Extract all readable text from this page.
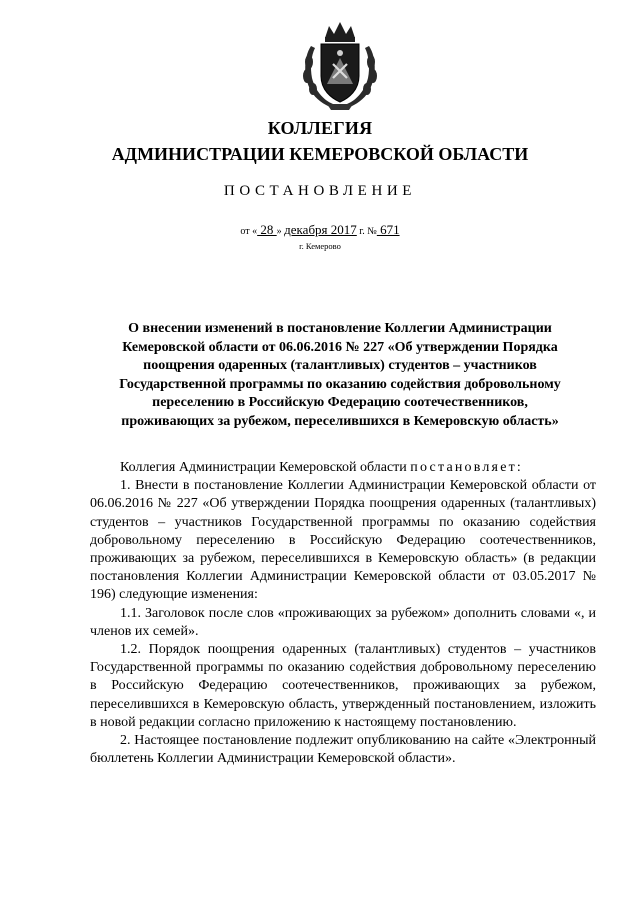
КОЛЛЕГИЯ
АДМИНИСТРАЦИИ КЕМЕРОВСКОЙ ОБЛАСТИ
ПОСТАНОВЛЕНИЕ
от « 28 » декабря 2017 г. № 671
г. Кемерово
О внесении изменений в постановление Коллегии Администрации
Кемеровской области от 06.06.2016 № 227 «Об утверждении Порядка
поощрения одаренных (талантливых) студентов – участников
Государственной программы по оказанию содействия добровольному
переселению в Российскую Федерацию соотечественников,
проживающих за рубежом, переселившихся в Кемеровскую область»

Коллегия Администрации Кемеровской области постановляет:

1. Внести в постановление Коллегии Администрации Кемеровской области от 06.06.2016 № 227 «Об утверждении Порядка поощрения одаренных (талантливых) студентов – участников Государственной программы по оказанию содействия добровольному переселению в Российскую Федерацию соотечественников, проживающих за рубежом, переселившихся в Кемеровскую область» (в редакции постановления Коллегии Администрации Кемеровской области от 03.05.2017 № 196) следующие изменения:

1.1. Заголовок после слов «проживающих за рубежом» дополнить словами «, и членов их семей».

1.2. Порядок поощрения одаренных (талантливых) студентов – участников Государственной программы по оказанию содействия добровольному переселению в Российскую Федерацию соотечественников, проживающих за рубежом, переселившихся в Кемеровскую область, утвержденный постановлением, изложить в новой редакции согласно приложению к настоящему постановлению.

2. Настоящее постановление подлежит опубликованию на сайте «Электронный бюллетень Коллегии Администрации Кемеровской области».
